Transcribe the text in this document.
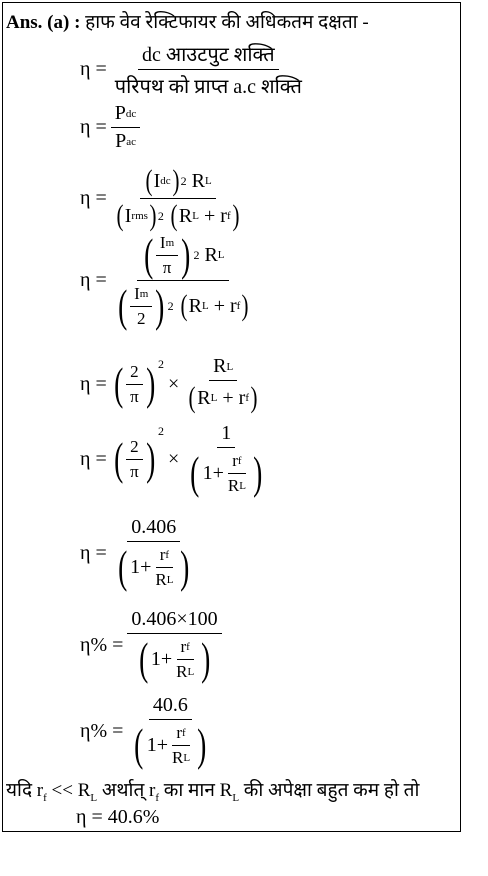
Ans. (a) : हाफ वेव रेक्टिफायर की अधिकतम दक्षता -
$\eta = \frac{\text{dc आउटपुट शक्ति}}{\text{परिपथ को प्राप्त a.c शक्ति}}$
$\eta = \frac{\text{P dc}}{\text{P ac}}$
η = ( I dc ) 2
R L
( I rms ) 2
( R L
+
r f )
η = ( $\frac{\text{I m}}{\pi}$ ) 2
R L
( $\frac{\text{I m}}{2}$ ) 2
( R L
+
r f )
η = ( $\frac{2}{\pi}$ ) $^2$
× R L
( R L
+
r f )
η = ( $\frac{2}{\pi}$ )
$^2$
× $\frac{1}{( 1 + \frac{\text{r f}}{\text{R L}} )}$
$\eta = \frac{0.406}{( 1 + \frac{\text{r f}}{\text{R L}} )}$
$\eta\% = \frac{0.406\times 100}{( 1 + \frac{\text{r f}}{\text{R L}} )}$
$\eta\% = \frac{40.6}{( 1 + \frac{\text{r f}}{\text{R L}} )}$
यदि $r_f << R_L$ अर्थात् $r_f$ का मान $R_L$ की अपेक्षा बहुत कम हो तो
η = 40.6%
